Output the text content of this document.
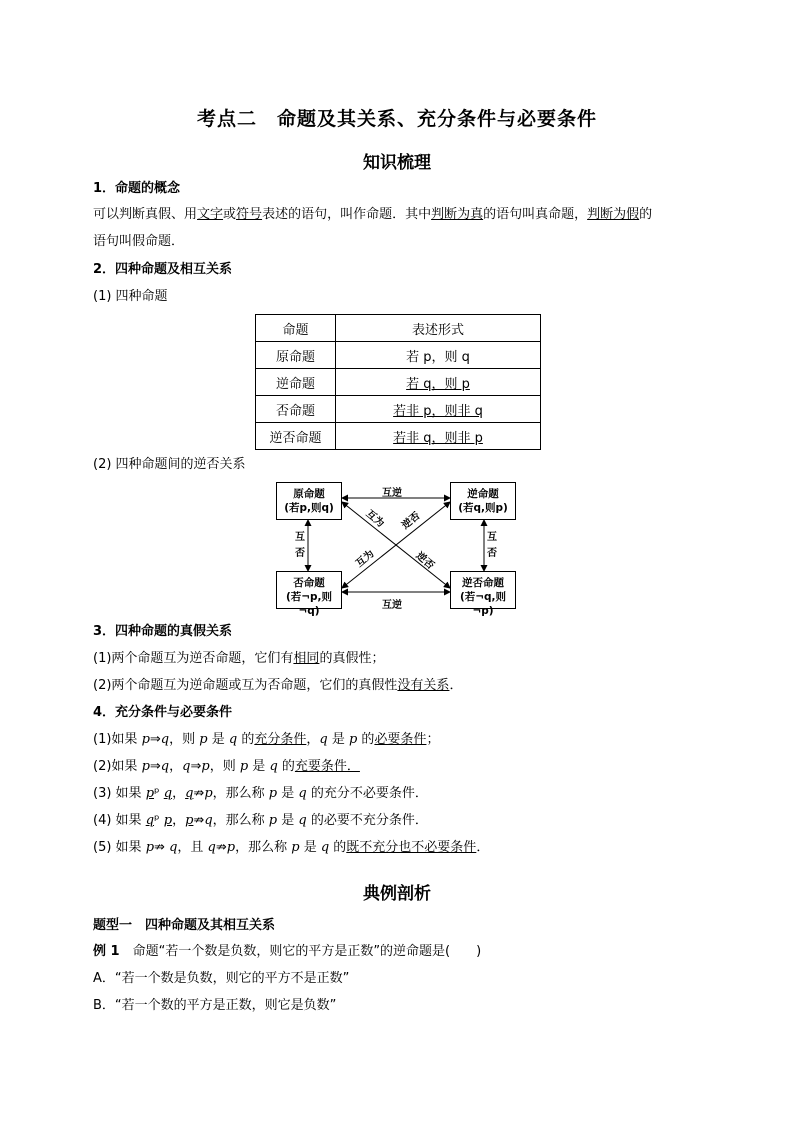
考点二　命题及其关系、充分条件与必要条件
知识梳理
1．命题的概念
可以判断真假、用文字或符号表述的语句，叫作命题．其中判断为真的语句叫真命题，判断为假的
语句叫假命题．
2．四种命题及相互关系
(1) 四种命题
命题	表述形式
原命题	若 p，则 q
逆命题	若 q，则 p
否命题	若非 p，则非 q
逆否命题	若非 q，则非 p
(2) 四种命题间的逆否关系
原命题
(若p,则q)
逆命题
(若q,则p)
否命题
(若¬p,则¬q)
逆否命题
(若¬q,则¬p)
互逆
互逆
互否
互否
互为 逆否
互为	逆否
3．四种命题的真假关系
(1)两个命题互为逆否命题，它们有相同的真假性；
(2)两个命题互为逆命题或互为否命题，它们的真假性没有关系．
4．充分条件与必要条件
(1)如果 p⇒q，则 p 是 q 的充分条件，q 是 p 的必要条件；
(2)如果 p⇒q，q⇒p，则 p 是 q 的充要条件．
(3) 如果 pᵖ q，q⇏p，那么称 p 是 q 的充分不必要条件．
(4) 如果 qᵖ p，p⇏q，那么称 p 是 q 的必要不充分条件．
(5) 如果 p⇏ q，且 q⇏p，那么称 p 是 q 的既不充分也不必要条件．
典例剖析
题型一　四种命题及其相互关系
例 1　命题“若一个数是负数，则它的平方是正数”的逆命题是(　　)
A．“若一个数是负数，则它的平方不是正数”
B．“若一个数的平方是正数，则它是负数”
